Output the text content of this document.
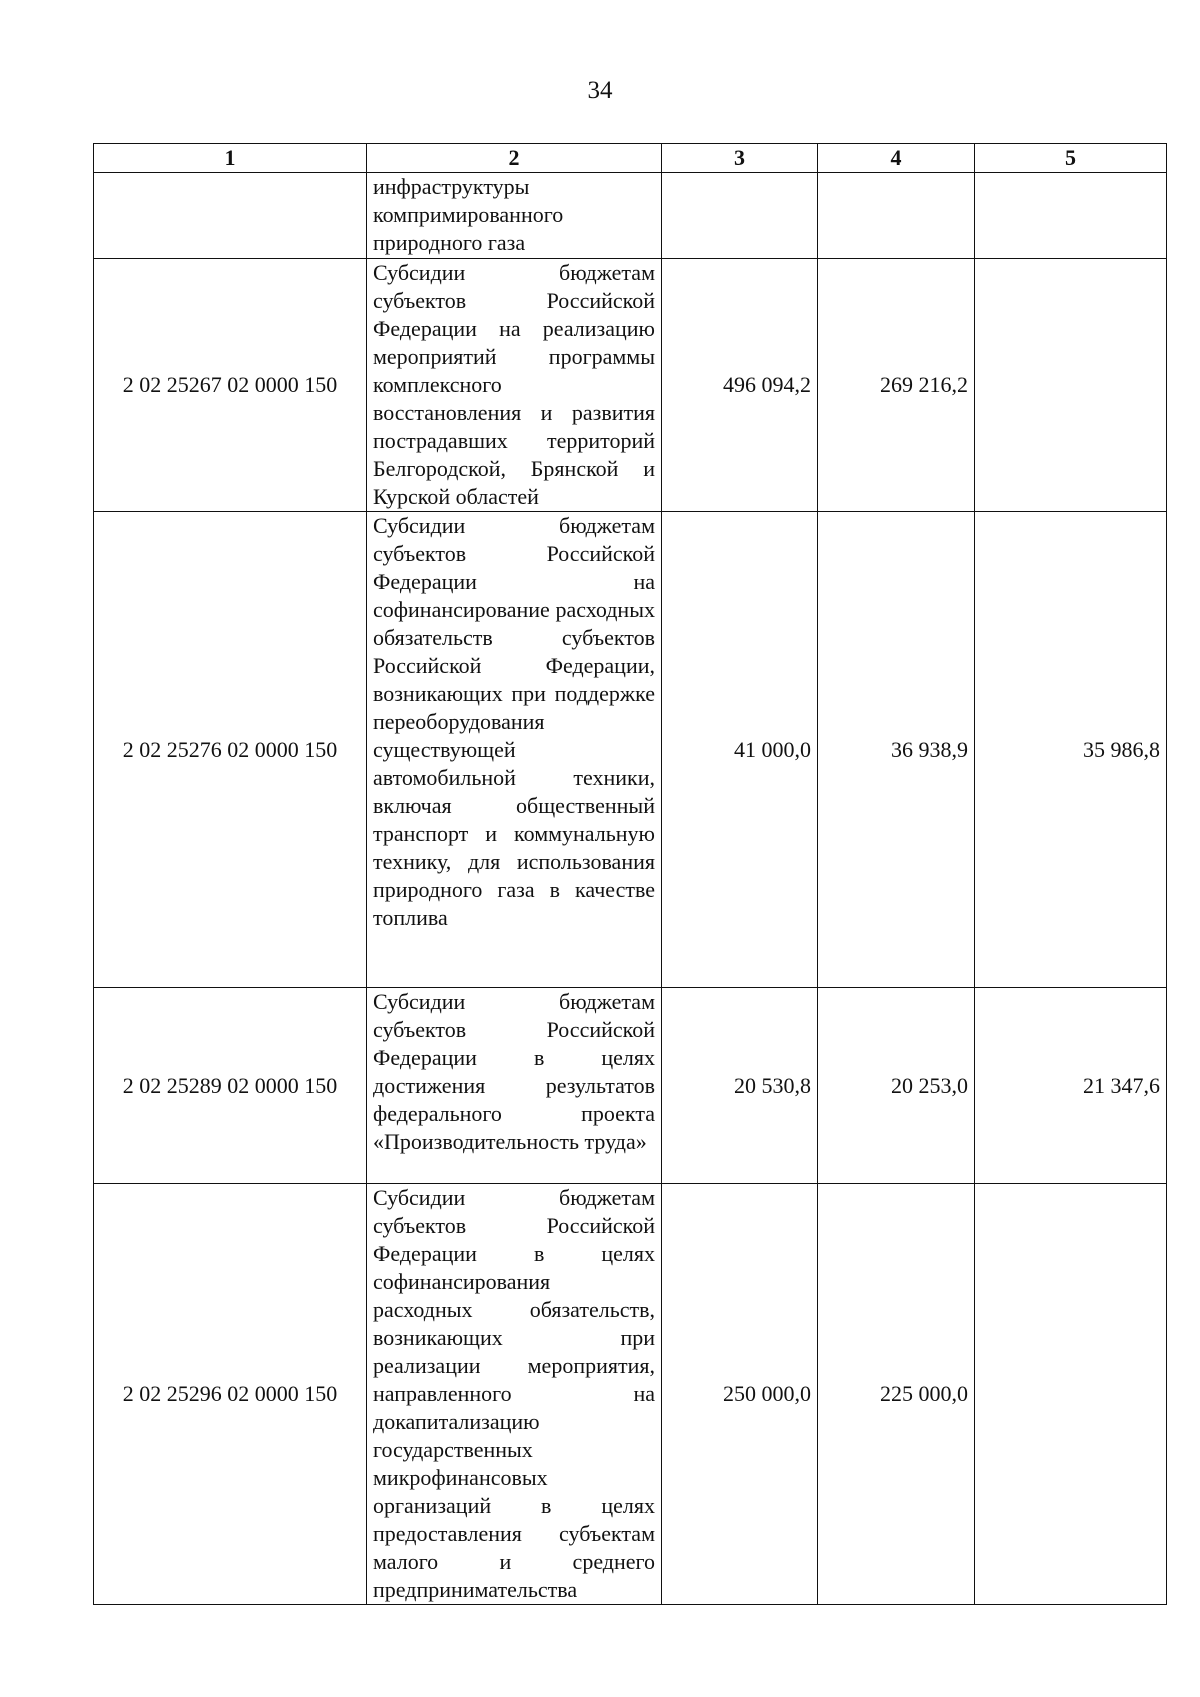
34
1	2	3	4	5
	инфраструктуры компримированного природного газа			
2 02 25267 02 0000 150	Субсидии бюджетам субъектов Российской Федерации на реализацию мероприятий программы комплексного восстановления и развития пострадавших территорий Белгородской, Брянской и Курской областей	496 094,2	269 216,2	
2 02 25276 02 0000 150	Субсидии бюджетам субъектов Российской Федерации на софинансирование расходных обязательств субъектов Российской Федерации, возникающих при поддержке переоборудования существующей автомобильной техники, включая общественный транспорт и коммунальную технику, для использования природного газа в качестве топлива	41 000,0	36 938,9	35 986,8
2 02 25289 02 0000 150	Субсидии бюджетам субъектов Российской Федерации в целях достижения результатов федерального проекта «Производительность труда»	20 530,8	20 253,0	21 347,6
2 02 25296 02 0000 150	Субсидии бюджетам субъектов Российской Федерации в целях софинансирования расходных обязательств, возникающих при реализации мероприятия, направленного на докапитализацию государственных микрофинансовых организаций в целях предоставления субъектам малого и среднего предпринимательства	250 000,0	225 000,0	
